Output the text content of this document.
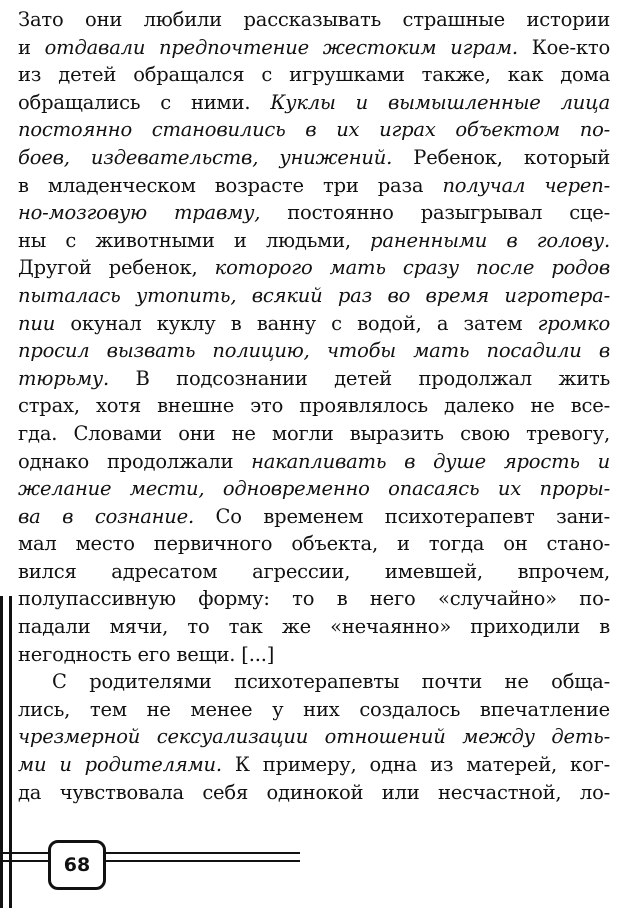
Зато они любили рассказывать страшные истории
и отдавали предпочтение жестоким играм. Кое-кто
из детей обращался с игрушками также, как дома
обращались с ними. Куклы и вымышленные лица
постоянно становились в их играх объектом по-
боев, издевательств, унижений. Ребенок, который
в младенческом возрасте три раза получал череп-
но-мозговую травму, постоянно разыгрывал сце-
ны с животными и людьми, раненными в голову.
Другой ребенок, которого мать сразу после родов
пыталась утопить, всякий раз во время игротера-
пии окунал куклу в ванну с водой, а затем громко
просил вызвать полицию, чтобы мать посадили в
тюрьму. В подсознании детей продолжал жить
страх, хотя внешне это проявлялось далеко не все-
гда. Словами они не могли выразить свою тревогу,
однако продолжали накапливать в душе ярость и
желание мести, одновременно опасаясь их проры-
ва в сознание. Со временем психотерапевт зани-
мал место первичного объекта, и тогда он стано-
вился адресатом агрессии, имевшей, впрочем,
полупассивную форму: то в него «случайно» по-
падали мячи, то так же «нечаянно» приходили в
негодность его вещи. [...]
С родителями психотерапевты почти не обща-
лись, тем не менее у них создалось впечатление
чрезмерной сексуализации отношений между деть-
ми и родителями. К примеру, одна из матерей, ког-
да чувствовала себя одинокой или несчастной, ло-
68
